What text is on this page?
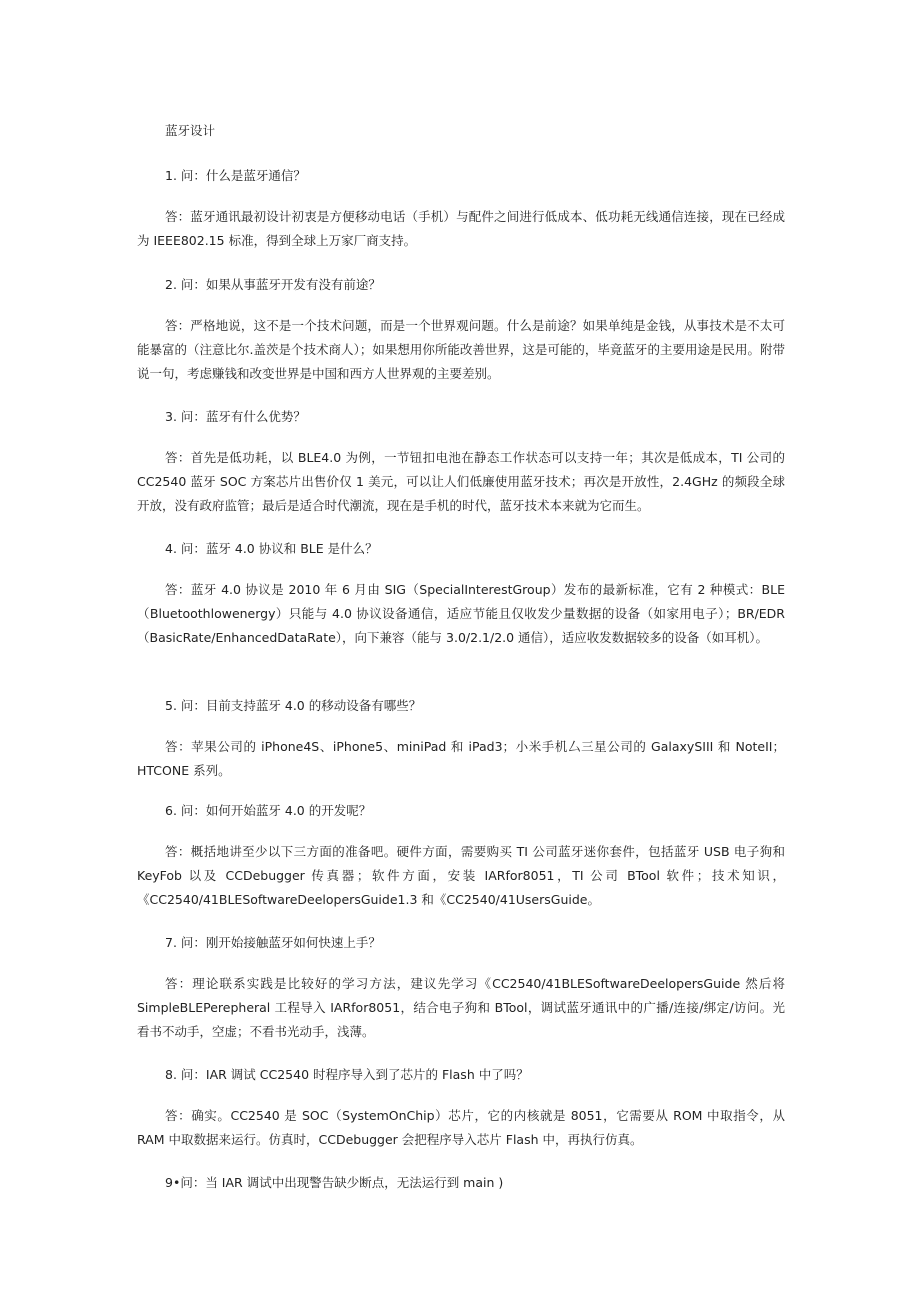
蓝牙设计
1. 问：什么是蓝牙通信？
答：蓝牙通讯最初设计初衷是方便移动电话（手机）与配件之间进行低成本、低功耗无线通信连接，现在已经成为 IEEE802.15 标准，得到全球上万家厂商支持。
2. 问：如果从事蓝牙开发有没有前途？
答：严格地说，这不是一个技术问题，而是一个世界观问题。什么是前途？如果单纯是金钱，从事技术是不太可能暴富的（注意比尔.盖茨是个技术商人）；如果想用你所能改善世界，这是可能的，毕竟蓝牙的主要用途是民用。附带说一句，考虑赚钱和改变世界是中国和西方人世界观的主要差别。
3. 问：蓝牙有什么优势？
答：首先是低功耗，以 BLE4.0 为例，一节钮扣电池在静态工作状态可以支持一年；其次是低成本，TI 公司的 CC2540 蓝牙 SOC 方案芯片出售价仅 1 美元，可以让人们低廉使用蓝牙技术；再次是开放性，2.4GHz 的频段全球开放，没有政府监管；最后是适合时代潮流，现在是手机的时代，蓝牙技术本来就为它而生。
4. 问：蓝牙 4.0 协议和 BLE 是什么？
答：蓝牙 4.0 协议是 2010 年 6 月由 SIG（SpecialInterestGroup）发布的最新标准，它有 2 种模式：BLE（Bluetoothlowenergy）只能与 4.0 协议设备通信，适应节能且仅收发少量数据的设备（如家用电子）；BR/EDR（BasicRate/EnhancedDataRate），向下兼容（能与 3.0/2.1/2.0 通信），适应收发数据较多的设备（如耳机）。
5. 问：目前支持蓝牙 4.0 的移动设备有哪些？
答：苹果公司的 iPhone4S、iPhone5、miniPad 和 iPad3；小米手机厶三星公司的 GalaxySIII 和 NoteII；HTCONE 系列。
6. 问：如何开始蓝牙 4.0 的开发呢？
答：概括地讲至少以下三方面的准备吧。硬件方面，需要购买 TI 公司蓝牙迷你套件，包括蓝牙 USB 电子狗和 KeyFob 以及 CCDebugger 传真器；软件方面，安装 IARfor8051，TI 公司 BTool 软件；技术知识，《CC2540/41BLESoftwareDeelopersGuide1.3 和《CC2540/41UsersGuide。
7. 问：刚开始接触蓝牙如何快速上手？
答：理论联系实践是比较好的学习方法，建议先学习《CC2540/41BLESoftwareDeelopersGuide 然后将 SimpleBLEPerepheral 工程导入 IARfor8051，结合电子狗和 BTool，调试蓝牙通讯中的广播/连接/绑定/访问。光看书不动手，空虚；不看书光动手，浅薄。
8. 问：IAR 调试 CC2540 时程序导入到了芯片的 Flash 中了吗？
答：确实。CC2540 是 SOC（SystemOnChip）芯片，它的内核就是 8051，它需要从 ROM 中取指令，从 RAM 中取数据来运行。仿真时，CCDebugger 会把程序导入芯片 Flash 中，再执行仿真。
9•问：当 IAR 调试中出现警告缺少断点，无法运行到 main )
